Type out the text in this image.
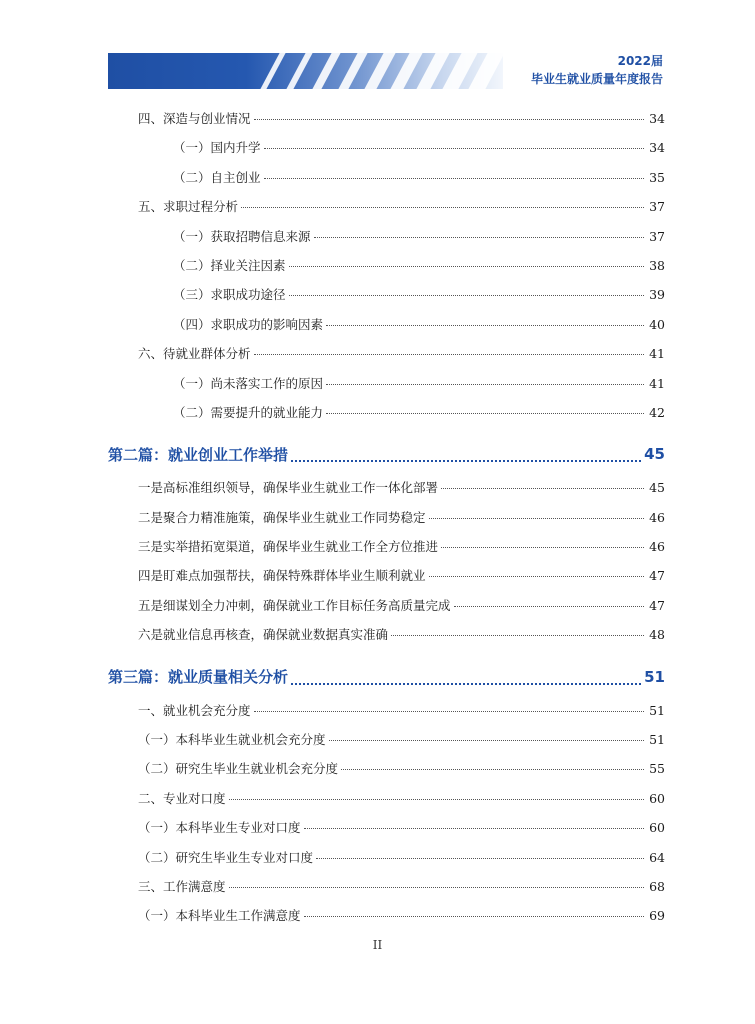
2022届
毕业生就业质量年度报告
四、深造与创业情况	34
（一）国内升学	34
（二）自主创业	35
五、求职过程分析	37
（一）获取招聘信息来源	37
（二）择业关注因素	38
（三）求职成功途径	39
（四）求职成功的影响因素	40
六、待就业群体分析	41
（一）尚未落实工作的原因	41
（二）需要提升的就业能力	42
第二篇：就业创业工作举措	45
一是高标准组织领导，确保毕业生就业工作一体化部署	45
二是聚合力精准施策，确保毕业生就业工作同势稳定	46
三是实举措拓宽渠道，确保毕业生就业工作全方位推进	46
四是盯难点加强帮扶，确保特殊群体毕业生顺利就业	47
五是细谋划全力冲刺，确保就业工作目标任务高质量完成	47
六是就业信息再核查，确保就业数据真实准确	48
第三篇：就业质量相关分析	51
一、就业机会充分度	51
（一）本科毕业生就业机会充分度	51
（二）研究生毕业生就业机会充分度	55
二、专业对口度	60
（一）本科毕业生专业对口度	60
（二）研究生毕业生专业对口度	64
三、工作满意度	68
（一）本科毕业生工作满意度	69
II
